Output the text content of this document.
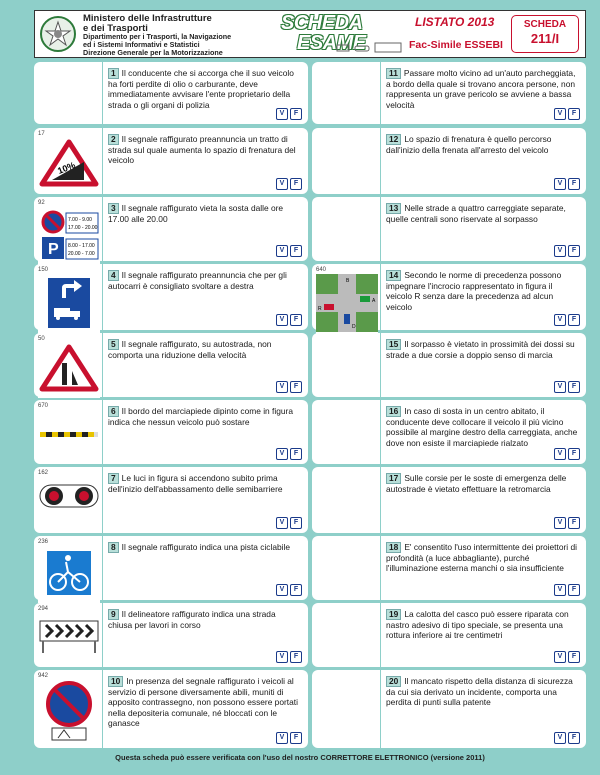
Ministero delle Infrastrutture
e dei Trasporti
Dipartimento per i Trasporti, la Navigazione
ed i Sistemi Informativi e Statistici
Direzione Generale per la Motorizzazione
SCHEDA
ESAME
LISTATO 2013
Fac-Simile ESSEBI
SCHEDA
211/I
1 Il conducente che si accorga che il suo veicolo ha forti perdite di olio o carburante, deve immediatamente avvisare l'ente proprietario della strada o gli organi di polizia
V F
17
10%
2 Il segnale raffigurato preannuncia un tratto di strada sul quale aumenta lo spazio di frenatura del veicolo
V F
92
7.00 - 9.00
17.00 - 20.00
P 8.00 - 17.00
20.00 - 7.00
3 Il segnale raffigurato vieta la sosta dalle ore 17.00 alle 20.00
V F
150	4 Il segnale raffigurato preannuncia che per gli autocarri è consigliato svoltare a destra
V F
50	5 Il segnale raffigurato, su autostrada, non comporta una riduzione della velocità
V F
670	6 Il bordo del marciapiede dipinto come in figura indica che nessun veicolo può sostare
V F
162	7 Le luci in figura si accendono subito prima dell'inizio dell'abbassamento delle semibarriere
V F
236	8 Il segnale raffigurato indica una pista ciclabile
V F
294	9 Il delineatore raffigurato indica una strada chiusa per lavori in corso
V F
942	10 In presenza del segnale raffigurato i veicoli al servizio di persone diversamente abili, muniti di apposito contrassegno, non possono essere portati nella depositeria comunale, né bloccati con le ganasce
V F
11 Passare molto vicino ad un'auto parcheggiata, a bordo della quale si trovano ancora persone, non rappresenta un grave pericolo se avviene a bassa velocità
V F
12 Lo spazio di frenatura è quello percorso dall'inizio della frenata all'arresto del veicolo
V F
13 Nelle strade a quattro carreggiate separate, quelle centrali sono riservate al sorpasso
V F
640
R
A
D
B
14 Secondo le norme di precedenza possono impegnare l'incrocio rappresentato in figura il veicolo R senza dare la precedenza ad alcun veicolo
V F
15 Il sorpasso è vietato in prossimità dei dossi su strade a due corsie a doppio senso di marcia
V F
16 In caso di sosta in un centro abitato, il conducente deve collocare il veicolo il più vicino possibile al margine destro della carreggiata, anche dove non esiste il marciapiede rialzato
V F
17 Sulle corsie per le soste di emergenza delle autostrade è vietato effettuare la retromarcia
V F
18 E' consentito l'uso intermittente dei proiettori di profondità (a luce abbagliante), purché l'illuminazione esterna manchi o sia insufficiente
V F
19 La calotta del casco può essere riparata con nastro adesivo di tipo speciale, se presenta una rottura inferiore ai tre centimetri
V F
20 Il mancato rispetto della distanza di sicurezza da cui sia derivato un incidente, comporta una perdita di punti sulla patente
V F
Questa scheda può essere verificata con l'uso del nostro CORRETTORE ELETTRONICO (versione 2011)
